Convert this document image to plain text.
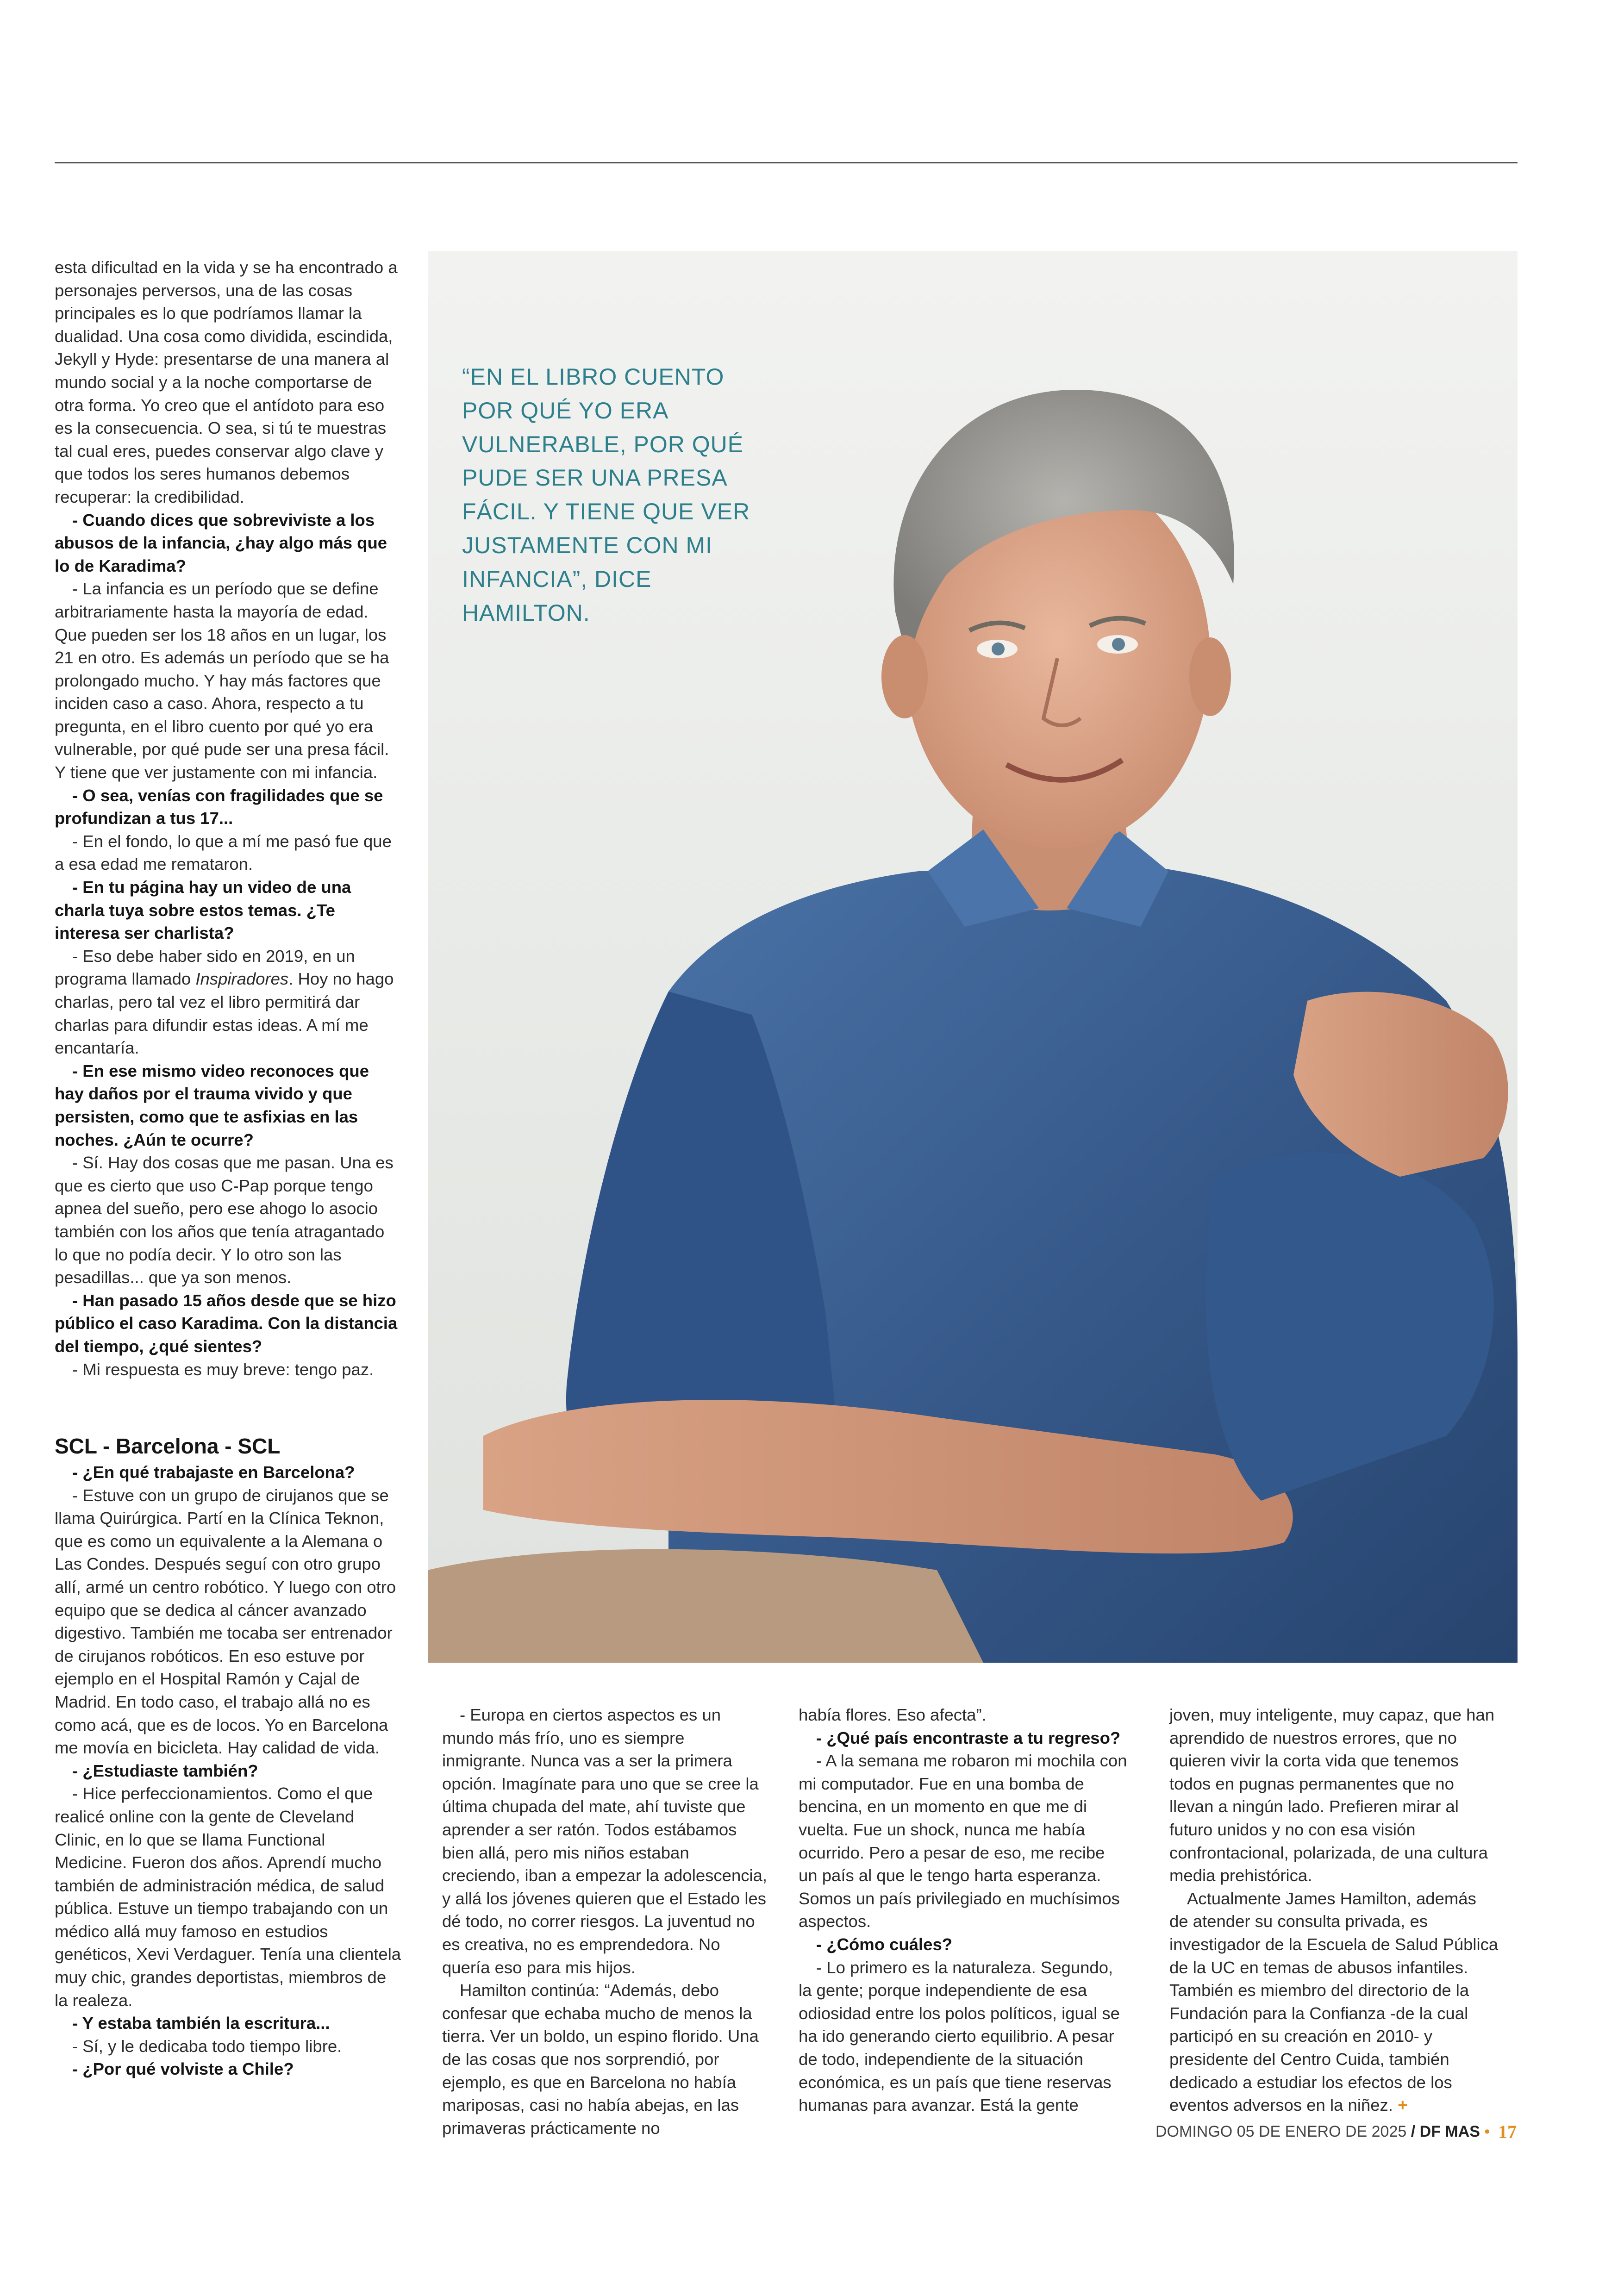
esta dificultad en la vida y se ha encontrado a personajes perversos, una de las cosas principales es lo que podríamos llamar la dualidad. Una cosa como dividida, escindida, Jekyll y Hyde: presentarse de una manera al mundo social y a la noche comportarse de otra forma. Yo creo que el antídoto para eso es la consecuencia. O sea, si tú te muestras tal cual eres, puedes conservar algo clave y que todos los seres humanos debemos recuperar: la credibilidad.

- Cuando dices que sobreviviste a los abusos de la infancia, ¿hay algo más que lo de Karadima?

- La infancia es un período que se define arbitrariamente hasta la mayoría de edad. Que pueden ser los 18 años en un lugar, los 21 en otro. Es además un período que se ha prolongado mucho. Y hay más factores que inciden caso a caso. Ahora, respecto a tu pregunta, en el libro cuento por qué yo era vulnerable, por qué pude ser una presa fácil. Y tiene que ver justamente con mi infancia.

- O sea, venías con fragilidades que se profundizan a tus 17...

- En el fondo, lo que a mí me pasó fue que a esa edad me remataron.

- En tu página hay un video de una charla tuya sobre estos temas. ¿Te interesa ser charlista?

- Eso debe haber sido en 2019, en un programa llamado Inspiradores. Hoy no hago charlas, pero tal vez el libro permitirá dar charlas para difundir estas ideas. A mí me encantaría.

- En ese mismo video reconoces que hay daños por el trauma vivido y que persisten, como que te asfixias en las noches. ¿Aún te ocurre?

- Sí. Hay dos cosas que me pasan. Una es que es cierto que uso C-Pap porque tengo apnea del sueño, pero ese ahogo lo asocio también con los años que tenía atragantado lo que no podía decir. Y lo otro son las pesadillas... que ya son menos.

- Han pasado 15 años desde que se hizo público el caso Karadima. Con la distancia del tiempo, ¿qué sientes?

- Mi respuesta es muy breve: tengo paz.

SCL - Barcelona - SCL

- ¿En qué trabajaste en Barcelona?

- Estuve con un grupo de cirujanos que se llama Quirúrgica. Partí en la Clínica Teknon, que es como un equivalente a la Alemana o Las Condes. Después seguí con otro grupo allí, armé un centro robótico. Y luego con otro equipo que se dedica al cáncer avanzado digestivo. También me tocaba ser entrenador de cirujanos robóticos. En eso estuve por ejemplo en el Hospital Ramón y Cajal de Madrid. En todo caso, el trabajo allá no es como acá, que es de locos. Yo en Barcelona me movía en bicicleta. Hay calidad de vida.

- ¿Estudiaste también?

- Hice perfeccionamientos. Como el que realicé online con la gente de Cleveland Clinic, en lo que se llama Functional Medicine. Fueron dos años. Aprendí mucho también de administración médica, de salud pública. Estuve un tiempo trabajando con un médico allá muy famoso en estudios genéticos, Xevi Verdaguer. Tenía una clientela muy chic, grandes deportistas, miembros de la realeza.

- Y estaba también la escritura...

- Sí, y le dedicaba todo tiempo libre.

- ¿Por qué volviste a Chile?

“EN EL LIBRO CUENTO POR QUÉ YO ERA VULNERABLE, POR QUÉ PUDE SER UNA PRESA FÁCIL. Y TIENE QUE VER JUSTAMENTE CON MI INFANCIA”, DICE HAMILTON.

- Europa en ciertos aspectos es un mundo más frío, uno es siempre inmigrante. Nunca vas a ser la primera opción. Imagínate para uno que se cree la última chupada del mate, ahí tuviste que aprender a ser ratón. Todos estábamos bien allá, pero mis niños estaban creciendo, iban a empezar la adolescencia, y allá los jóvenes quieren que el Estado les dé todo, no correr riesgos. La juventud no es creativa, no es emprendedora. No quería eso para mis hijos.

Hamilton continúa: “Además, debo confesar que echaba mucho de menos la tierra. Ver un boldo, un espino florido. Una de las cosas que nos sorprendió, por ejemplo, es que en Barcelona no había mariposas, casi no había abejas, en las primaveras prácticamente no

había flores. Eso afecta”.

- ¿Qué país encontraste a tu regreso?

- A la semana me robaron mi mochila con mi computador. Fue en una bomba de bencina, en un momento en que me di vuelta. Fue un shock, nunca me había ocurrido. Pero a pesar de eso, me recibe un país al que le tengo harta esperanza. Somos un país privilegiado en muchísimos aspectos.

- ¿Cómo cuáles?

- Lo primero es la naturaleza. Segundo, la gente; porque independiente de esa odiosidad entre los polos políticos, igual se ha ido generando cierto equilibrio. A pesar de todo, independiente de la situación económica, es un país que tiene reservas humanas para avanzar. Está la gente

joven, muy inteligente, muy capaz, que han aprendido de nuestros errores, que no quieren vivir la corta vida que tenemos todos en pugnas permanentes que no llevan a ningún lado. Prefieren mirar al futuro unidos y no con esa visión confrontacional, polarizada, de una cultura media prehistórica.

Actualmente James Hamilton, además de atender su consulta privada, es investigador de la Escuela de Salud Pública de la UC en temas de abusos infantiles. También es miembro del directorio de la Fundación para la Confianza -de la cual participó en su creación en 2010- y presidente del Centro Cuida, también dedicado a estudiar los efectos de los eventos adversos en la niñez. +

DOMINGO 05 DE ENERO DE 2025 / DF MAS • 17
